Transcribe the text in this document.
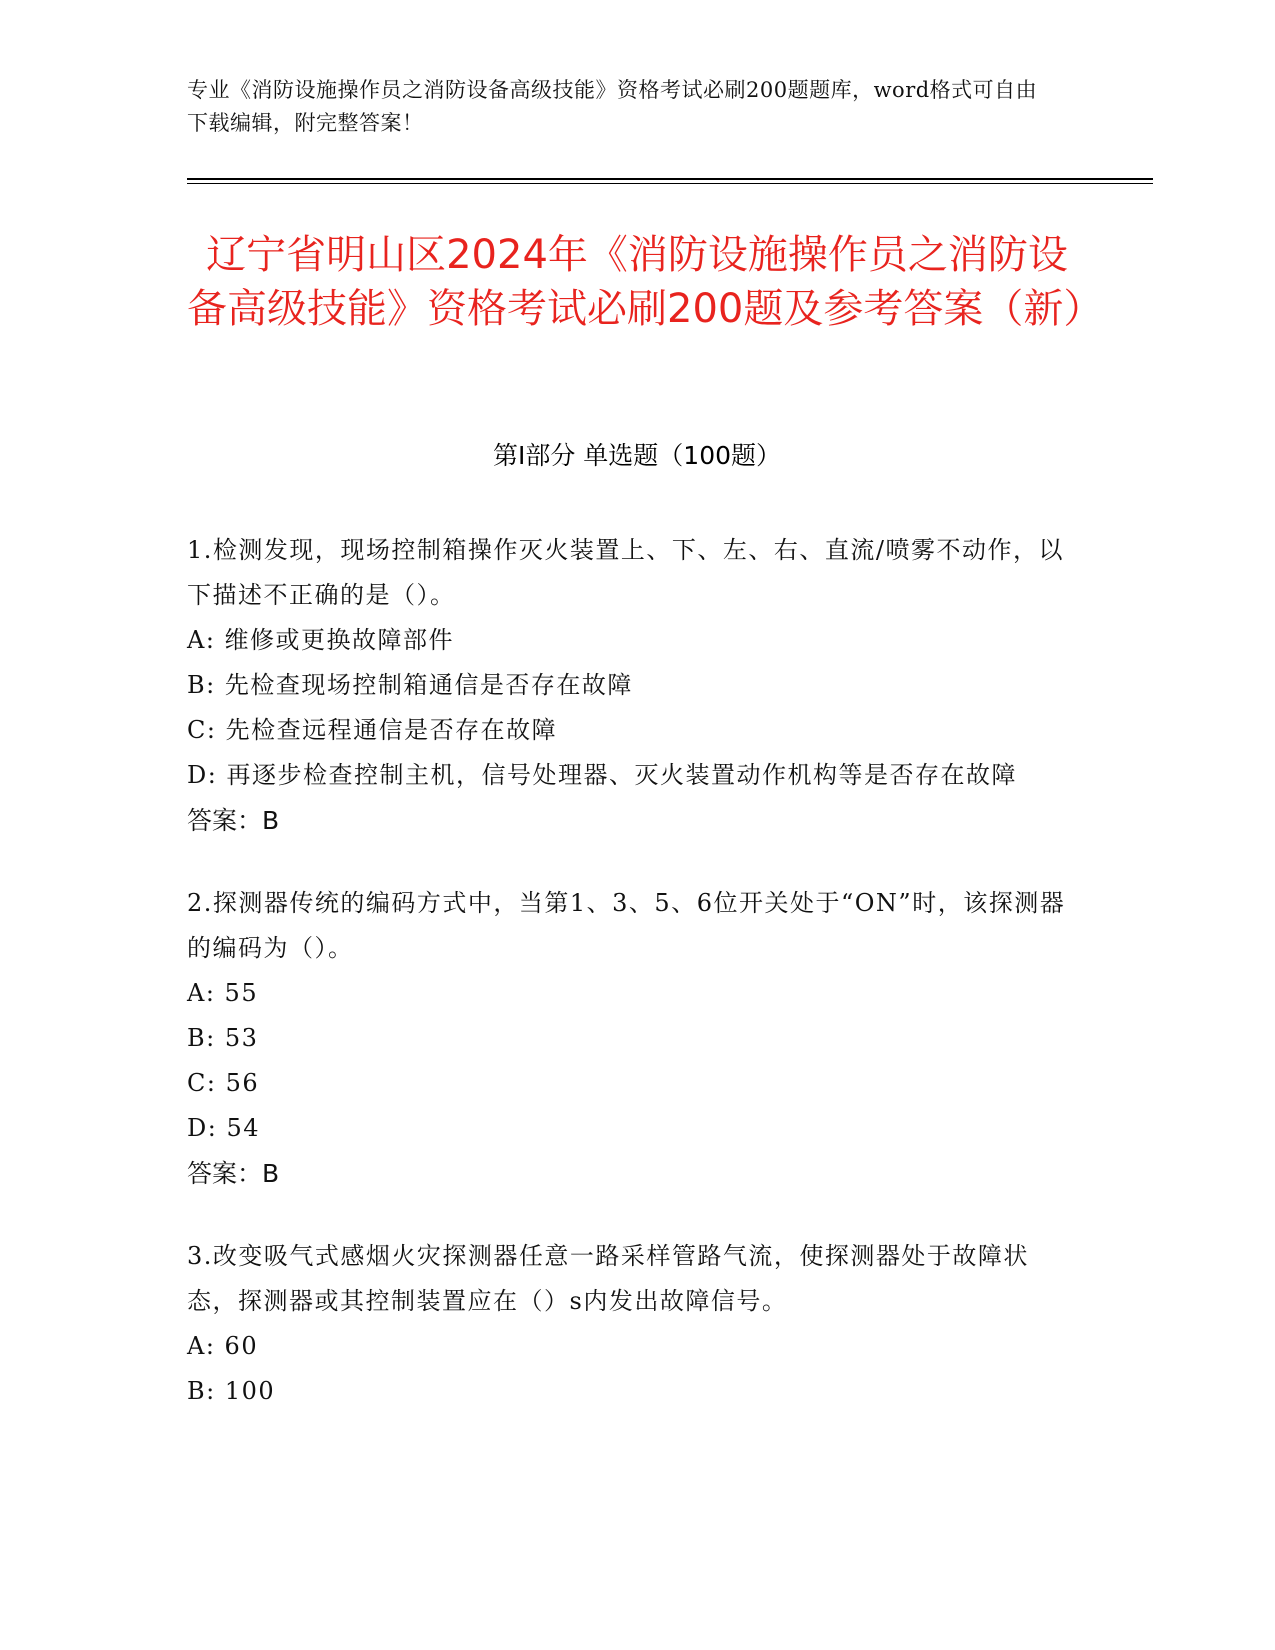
专业《消防设施操作员之消防设备高级技能》资格考试必刷200题题库，word格式可自由下载编辑，附完整答案！
辽宁省明山区2024年《消防设施操作员之消防设备高级技能》资格考试必刷200题及参考答案（新）
第I部分 单选题（100题）
1.检测发现，现场控制箱操作灭火装置上、下、左、右、直流/喷雾不动作，以下描述不正确的是（）。
A: 维修或更换故障部件
B: 先检查现场控制箱通信是否存在故障
C: 先检查远程通信是否存在故障
D: 再逐步检查控制主机，信号处理器、灭火装置动作机构等是否存在故障
答案：B
2.探测器传统的编码方式中，当第1、3、5、6位开关处于“ON”时，该探测器的编码为（）。
A: 55
B: 53
C: 56
D: 54
答案：B
3.改变吸气式感烟火灾探测器任意一路采样管路气流，使探测器处于故障状态，探测器或其控制装置应在（）s内发出故障信号。
A: 60
B: 100
